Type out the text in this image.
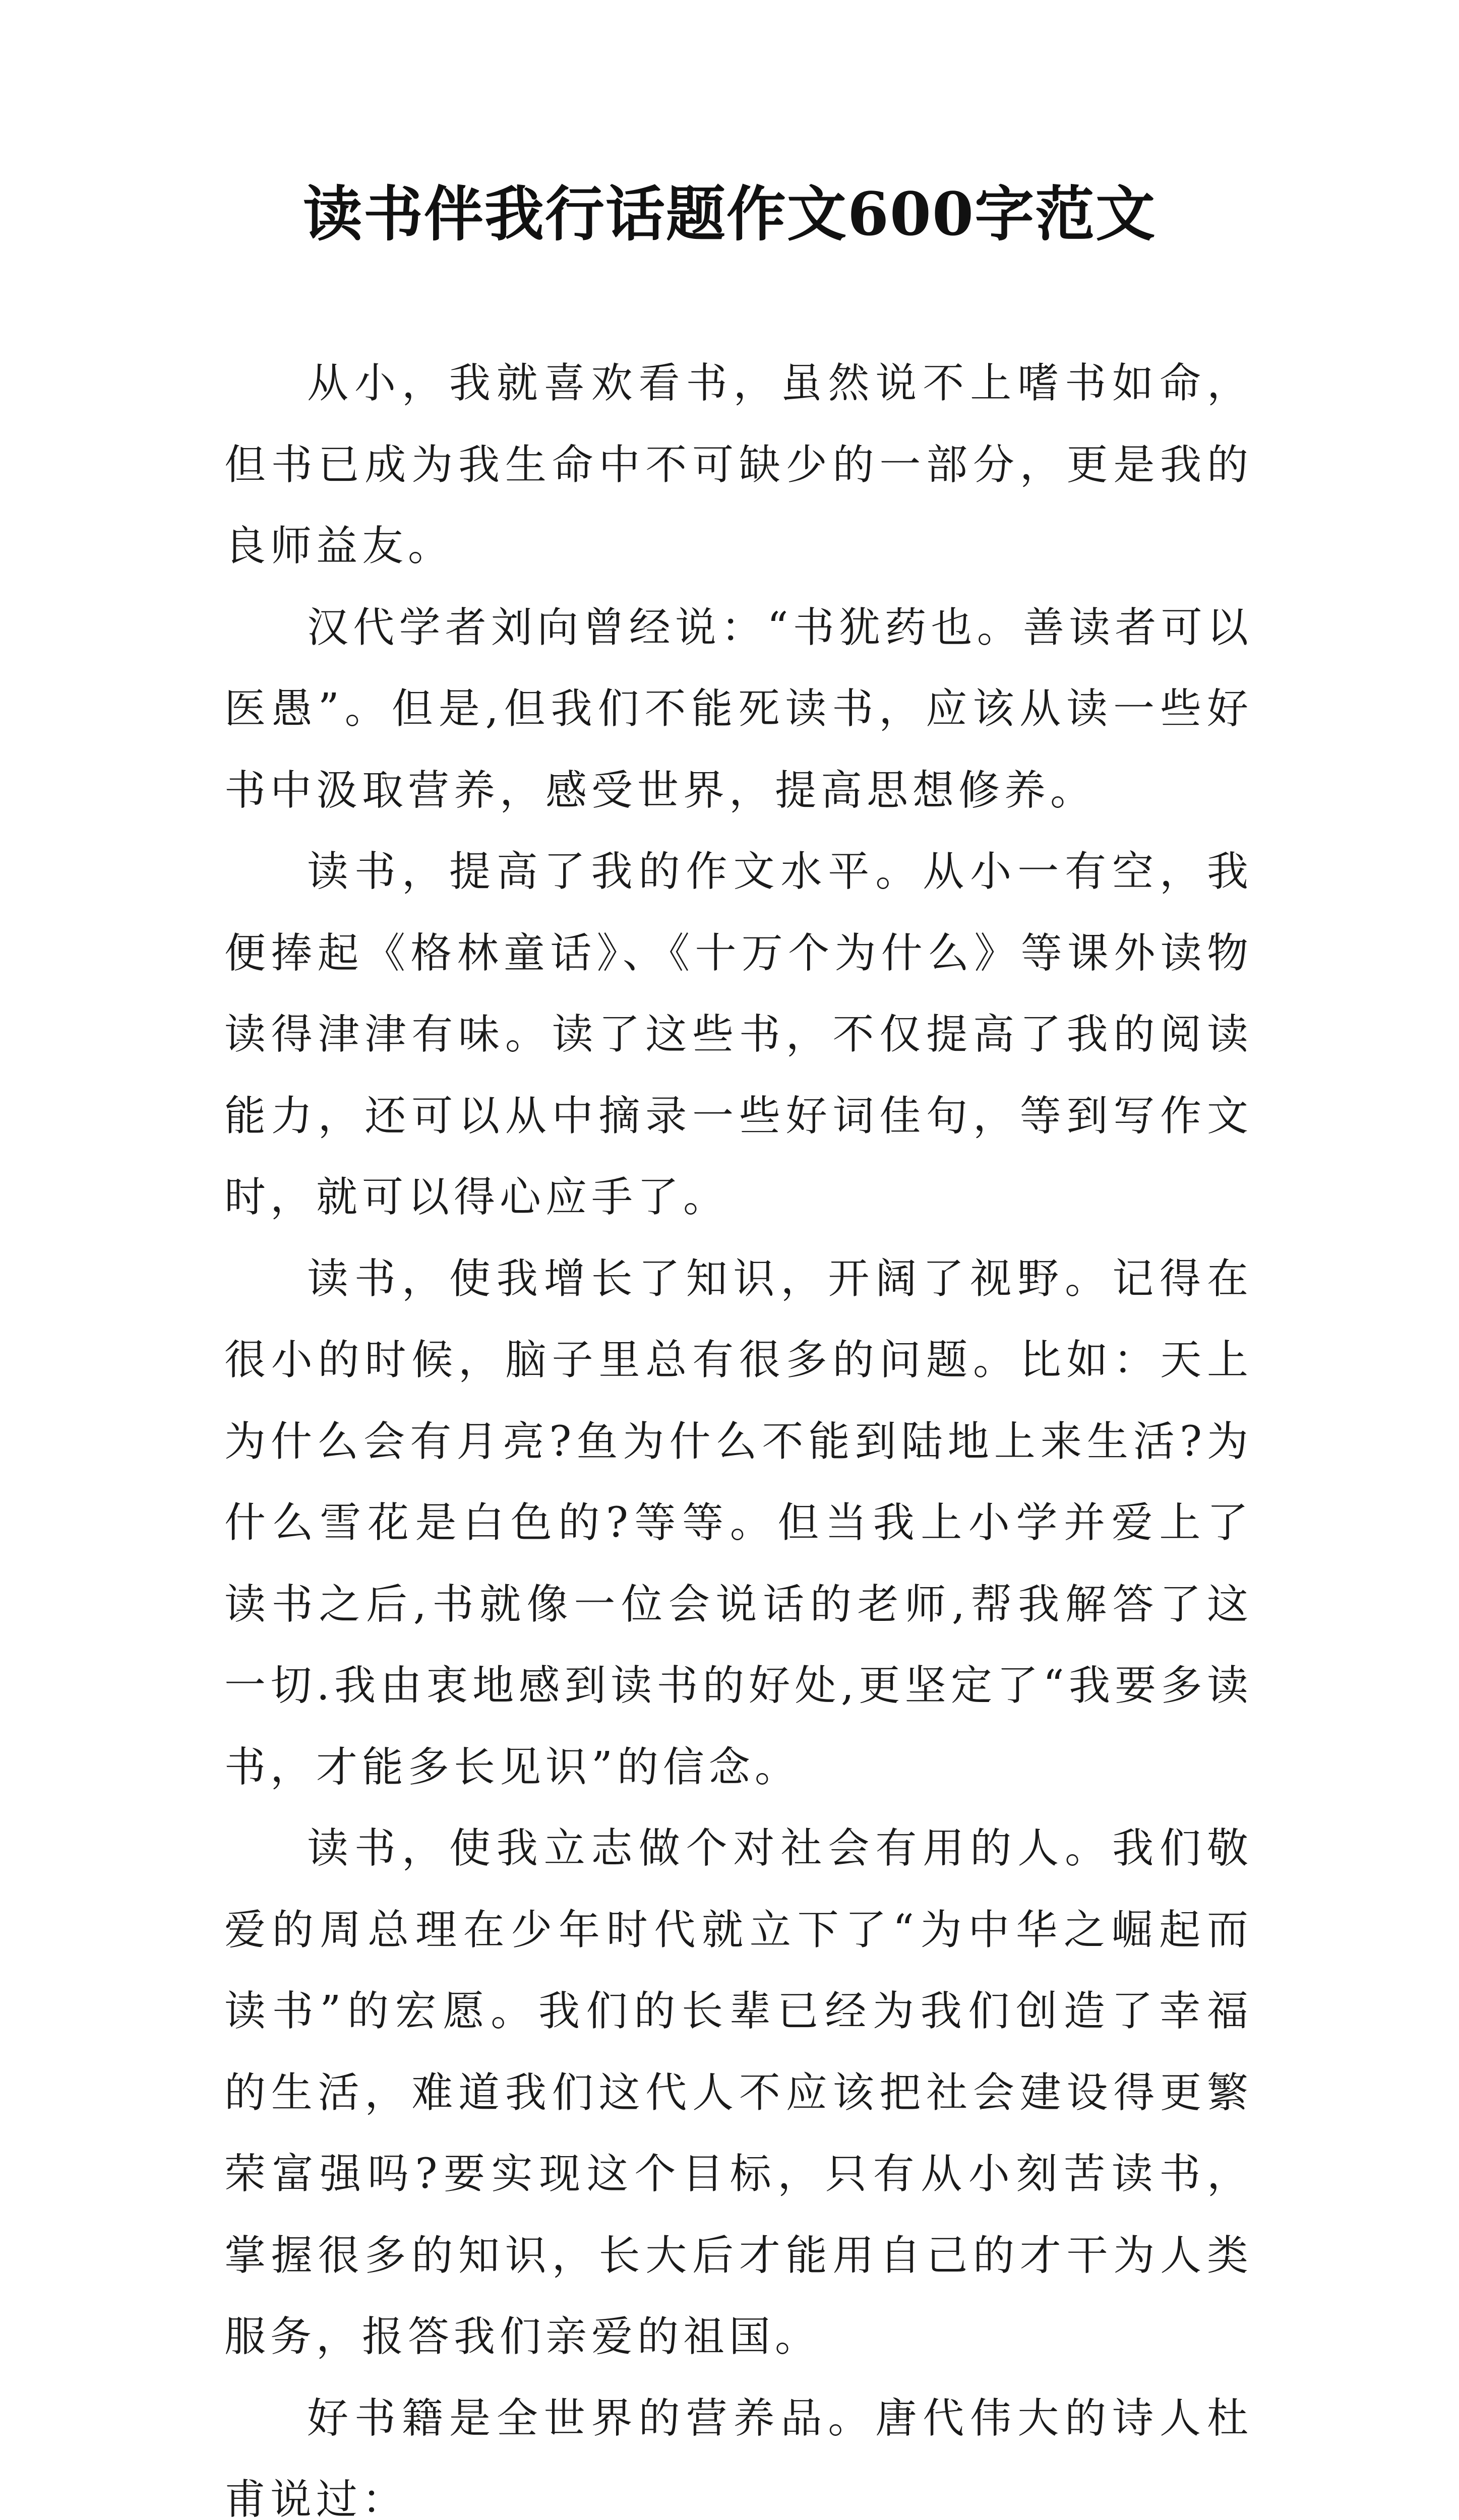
读书伴我行话题作文600字范文

从小，我就喜欢看书，虽然说不上嗜书如命，但书已成为我生命中不可缺少的一部分，更是我的良师益友。

汉代学者刘向曾经说：“书犹药也。善读者可以医愚”。但是,但我们不能死读书，应该从读一些好书中汲取营养，感受世界，提高思想修养。

读书，提高了我的作文水平。从小一有空，我便捧起《格林童话》、《十万个为什么》等课外读物读得津津有味。读了这些书，不仅提高了我的阅读能力，还可以从中摘录一些好词佳句，等到写作文时，就可以得心应手了。

读书，使我增长了知识，开阔了视野。记得在很小的时候，脑子里总有很多的问题。比如：天上为什么会有月亮?鱼为什么不能到陆地上来生活?为什么雪花是白色的?等等。但当我上小学并爱上了读书之后,书就像一位会说话的老师,帮我解答了这一切.我由衷地感到读书的好处,更坚定了“我要多读书，才能多长见识”的信念。

读书，使我立志做个对社会有用的人。我们敬爱的周总理在少年时代就立下了“为中华之崛起而读书”的宏愿。我们的长辈已经为我们创造了幸福的生活，难道我们这代人不应该把社会建设得更繁荣富强吗?要实现这个目标，只有从小刻苦读书，掌握很多的知识，长大后才能用自己的才干为人类服务，报答我们亲爱的祖国。

好书籍是全世界的营养品。唐代伟大的诗人杜甫说过：
